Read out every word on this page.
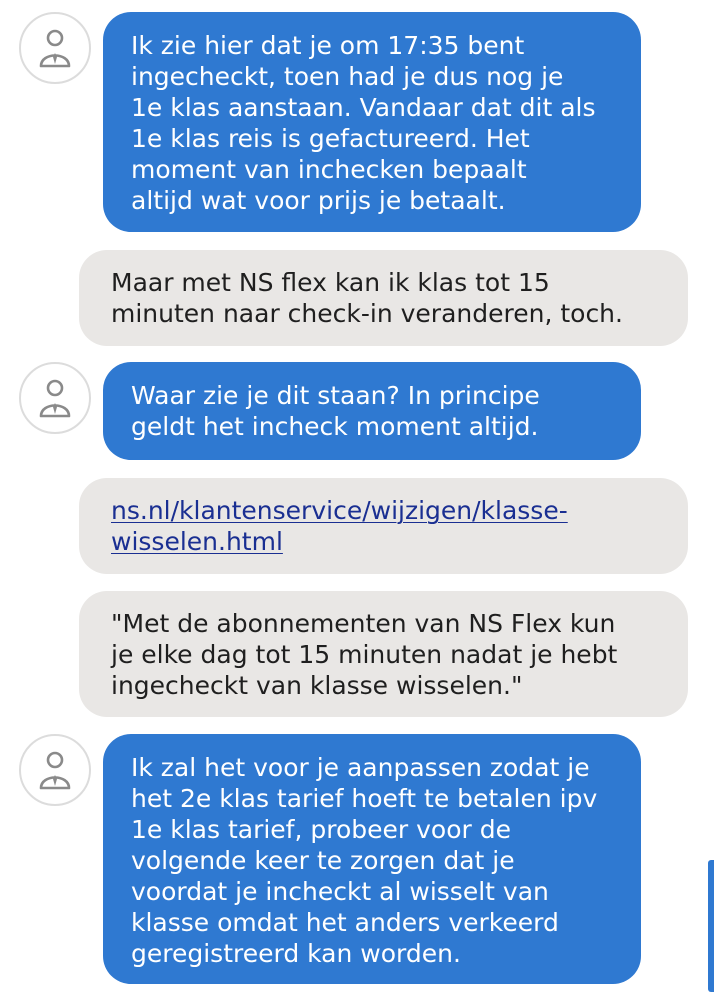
Ik zie hier dat je om 17:35 bent
ingecheckt, toen had je dus nog je
1e klas aanstaan. Vandaar dat dit als
1e klas reis is gefactureerd. Het
moment van inchecken bepaalt
altijd wat voor prijs je betaalt.
Maar met NS flex kan ik klas tot 15
minuten naar check-in veranderen, toch.
Waar zie je dit staan? In principe
geldt het incheck moment altijd.
ns.nl/klantenservice/wijzigen/klasse-
wisselen.html
"Met de abonnementen van NS Flex kun
je elke dag tot 15 minuten nadat je hebt
ingecheckt van klasse wisselen."
Ik zal het voor je aanpassen zodat je
het 2e klas tarief hoeft te betalen ipv
1e klas tarief, probeer voor de
volgende keer te zorgen dat je
voordat je incheckt al wisselt van
klasse omdat het anders verkeerd
geregistreerd kan worden.
